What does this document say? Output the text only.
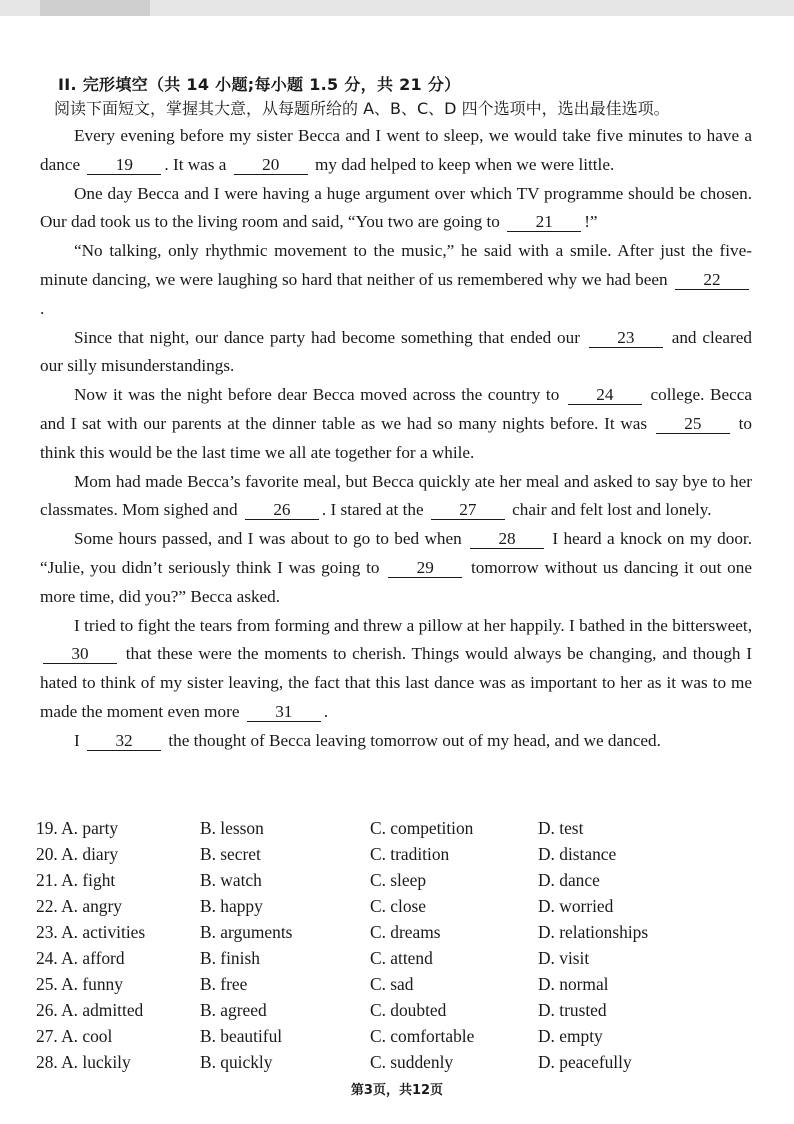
II. 完形填空（共 14 小题;每小题 1.5 分，共 21 分）
阅读下面短文，掌握其大意，从每题所给的 A、B、C、D 四个选项中，选出最佳选项。

Every evening before my sister Becca and I went to sleep, we would take five minutes to have a dance 19 . It was a 20 my dad helped to keep when we were little.

One day Becca and I were having a huge argument over which TV programme should be chosen. Our dad took us to the living room and said, “You two are going to 21 !”

“No talking, only rhythmic movement to the music,” he said with a smile. After just the five-minute dancing, we were laughing so hard that neither of us remembered why we had been 22.

Since that night, our dance party had become something that ended our 23 and cleared our silly misunderstandings.

Now it was the night before dear Becca moved across the country to 24 college. Becca and I sat with our parents at the dinner table as we had so many nights before. It was 25 to think this would be the last time we all ate together for a while.

Mom had made Becca’s favorite meal, but Becca quickly ate her meal and asked to say bye to her classmates. Mom sighed and 26 . I stared at the 27 chair and felt lost and lonely.

Some hours passed, and I was about to go to bed when 28 I heard a knock on my door. “Julie, you didn’t seriously think I was going to 29 tomorrow without us dancing it out one more time, did you?” Becca asked.

I tried to fight the tears from forming and threw a pillow at her happily. I bathed in the bittersweet, 30 that these were the moments to cherish. Things would always be changing, and though I hated to think of my sister leaving, the fact that this last dance was as important to her as it was to me made the moment even more 31 .

I 32 the thought of Becca leaving tomorrow out of my head, and we danced.

19. A. party	B. lesson	C. competition	D. test
20. A. diary	B. secret	C. tradition	D. distance
21. A. fight	B. watch	C. sleep	D. dance
22. A. angry	B. happy	C. close	D. worried
23. A. activities	B. arguments	C. dreams	D. relationships
24. A. afford	B. finish	C. attend	D. visit
25. A. funny	B. free	C. sad	D. normal
26. A. admitted	B. agreed	C. doubted	D. trusted
27. A. cool	B. beautiful	C. comfortable	D. empty
28. A. luckily	B. quickly	C. suddenly	D. peacefully
第3页，共12页
